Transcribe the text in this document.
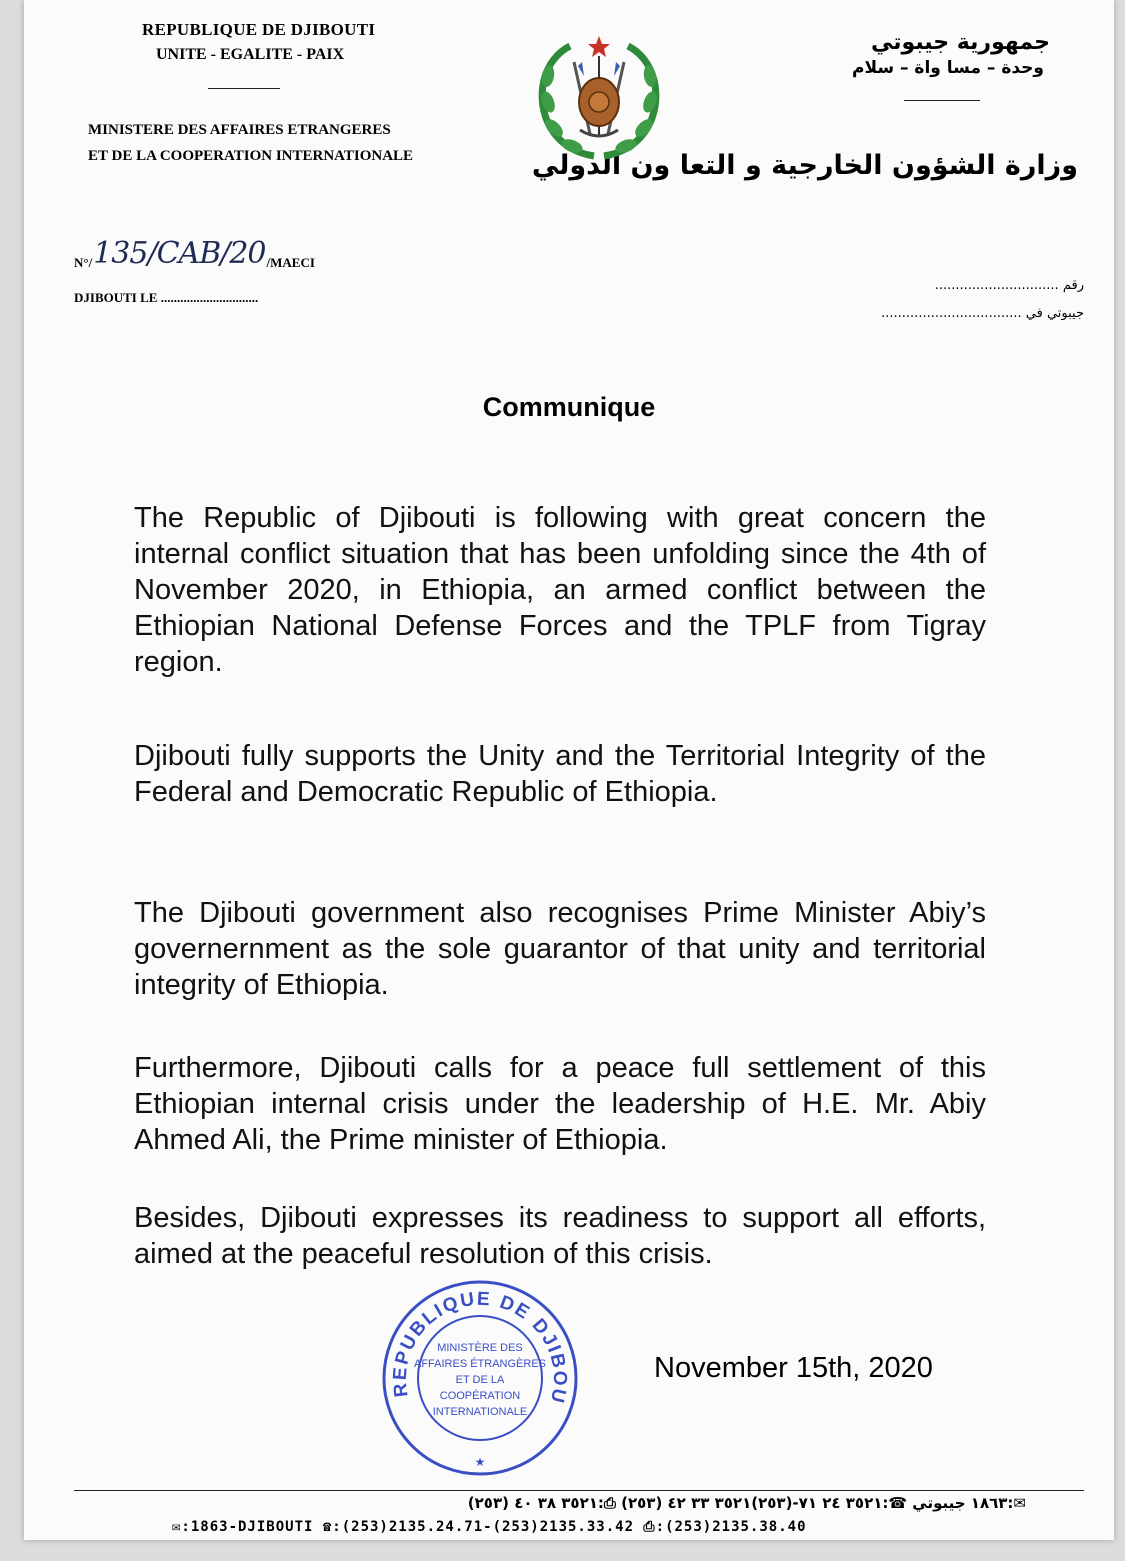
REPUBLIQUE DE DJIBOUTI
UNITE - EGALITE - PAIX
MINISTERE DES AFFAIRES ETRANGERES
ET DE LA COOPERATION INTERNATIONALE
جمهورية جيبوتي
وحدة – مسا واة – سلام
وزارة الشؤون الخارجية و التعا ون الدولي
N°/ 135/CAB/20 /MAECI
DJIBOUTI LE ..............................
رقم ..............................
جيبوتي في ..................................
Communique

The Republic of Djibouti is following with great concern the internal conflict situation that has been unfolding since the 4th of November 2020, in Ethiopia, an armed conflict between the Ethiopian National Defense Forces and the TPLF from Tigray region.

Djibouti fully supports the Unity and the Territorial Integrity of the Federal and Democratic Republic of Ethiopia.

The Djibouti government also recognises Prime Minister Abiy’s governernment as the sole guarantor of that unity and territorial integrity of Ethiopia.

Furthermore, Djibouti calls for a peace full settlement of this Ethiopian internal crisis under the leadership of H.E. Mr. Abiy Ahmed Ali, the Prime minister of Ethiopia.

Besides, Djibouti expresses its readiness to support all efforts, aimed at the peaceful resolution of this crisis.

November 15th, 2020
REPUBLIQUE DE DJIBOU
★
MINISTÈRE DES
AFFAIRES ÉTRANGÈRES
ET DE LA
COOPÉRATION
INTERNATIONALE
✉:١٨٦٣ جيبوتي ☎:٣٥٢١ ٢٤ ٧١-(٢٥٣)٣٥٢١ ٣٣ ٤٢ (٢٥٣) ⎙:٣٥٢١ ٣٨ ٤٠ (٢٥٣)
✉:1863-DJIBOUTI ☎:(253)2135.24.71-(253)2135.33.42 ⎙:(253)2135.38.40
